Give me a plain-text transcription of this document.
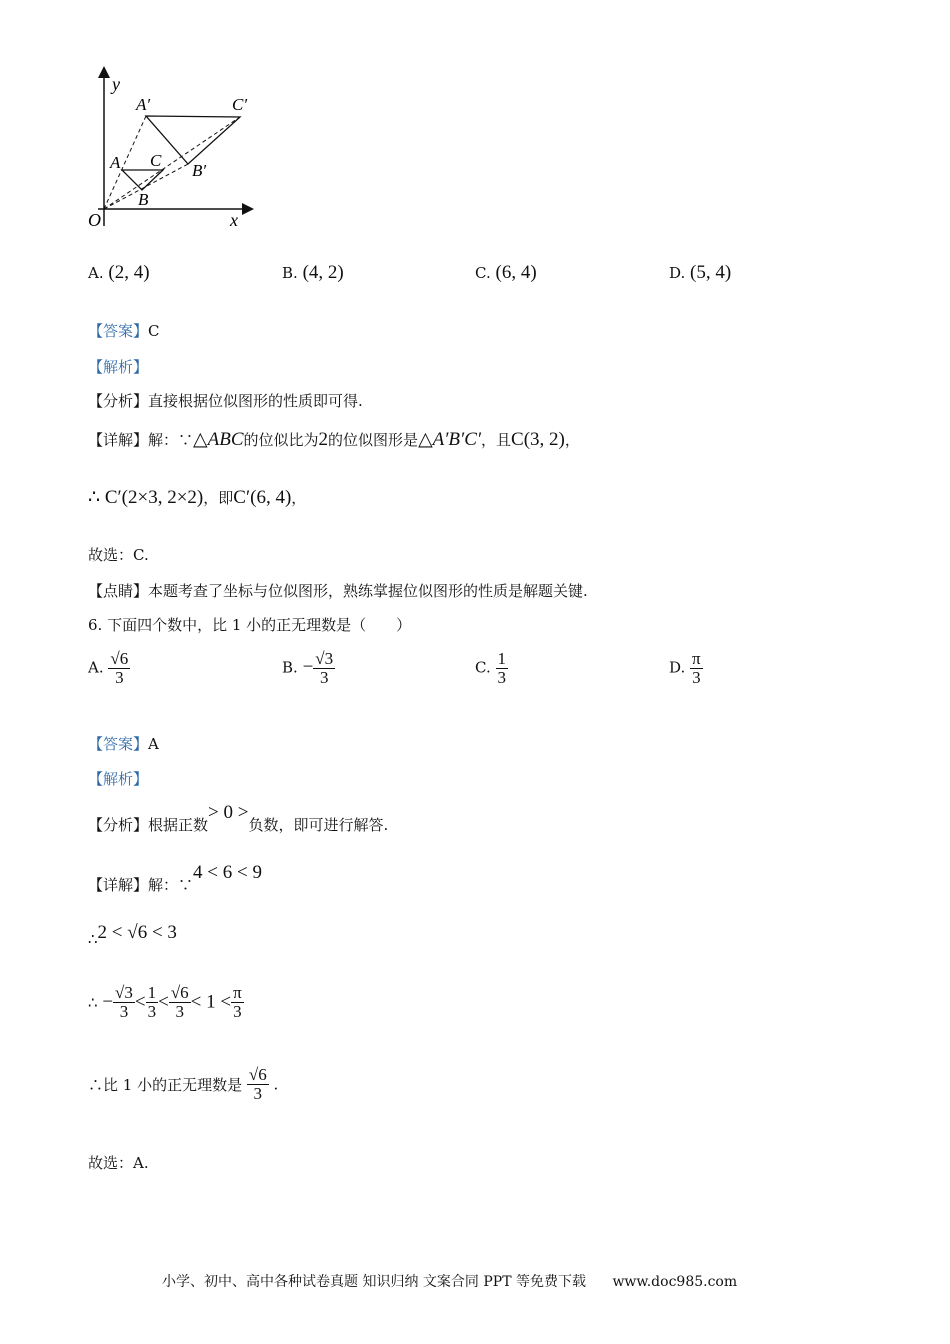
y
x
O
A C
B
A′	C′
B′
A. (2, 4)	B. (4, 2)	C. (6, 4)	D. (5, 4)
【答案】C
【解析】
【分析】直接根据位似图形的性质即可得.
【详解】解：∵△ABC的位似比为2的位似图形是△A′B′C′，且C(3, 2)，
∴ C′(2×3, 2×2)，即C′(6, 4)，
故选：C.
【点睛】本题考查了坐标与位似图形，熟练掌握位似图形的性质是解题关键.
6. 下面四个数中，比 1 小的正无理数是（　　）
A. $\frac{√6}{3}$	B. − $\frac{√3}{3}$	C. $\frac{1}{3}$	D. $\frac{\pi}{3}$
【答案】A
【解析】
【分析】根据正数> 0 >负数，即可进行解答.
【详解】解：∵4 < 6 < 9
∴2 < √6 < 3
∴ − $\frac{√3}{3} < \frac{1}{3} < \frac{√6}{3} < 1 < \frac{\pi}{3}$
∴比 1 小的正无理数是 $\frac{√6}{3}$ .
故选：A.
小学、初中、高中各种试卷真题 知识归纳 文案合同 PPT 等免费下载 www.doc985.com
